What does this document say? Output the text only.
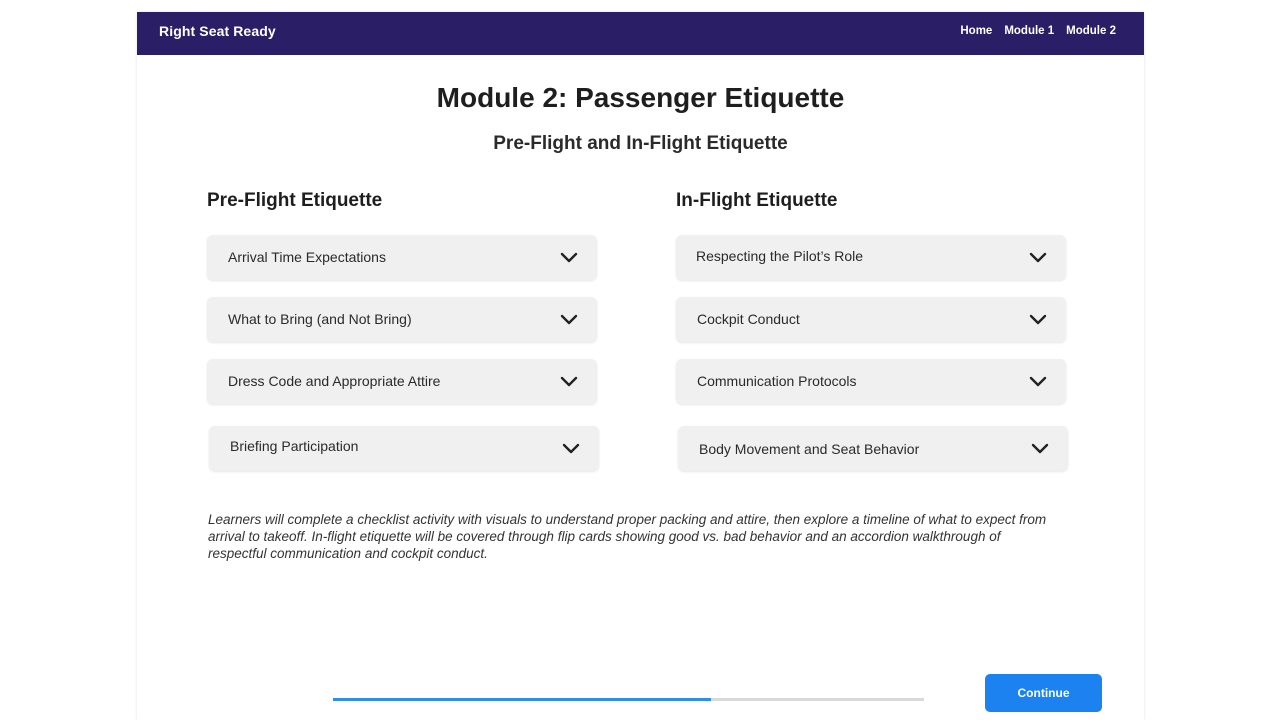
Right Seat Ready	Home Module 1 Module 2
Module 2: Passenger Etiquette
Pre-Flight and In-Flight Etiquette
Pre-Flight Etiquette
Arrival Time Expectations
What to Bring (and Not Bring)
Dress Code and Appropriate Attire
Briefing Participation
In-Flight Etiquette
Respecting the Pilot’s Role
Cockpit Conduct
Communication Protocols
Body Movement and Seat Behavior

Learners will complete a checklist activity with visuals to understand proper packing and attire, then explore a timeline of what to expect from arrival to takeoff. In-flight etiquette will be covered through flip cards showing good vs. bad behavior and an accordion walkthrough of respectful communication and cockpit conduct.

Continue
